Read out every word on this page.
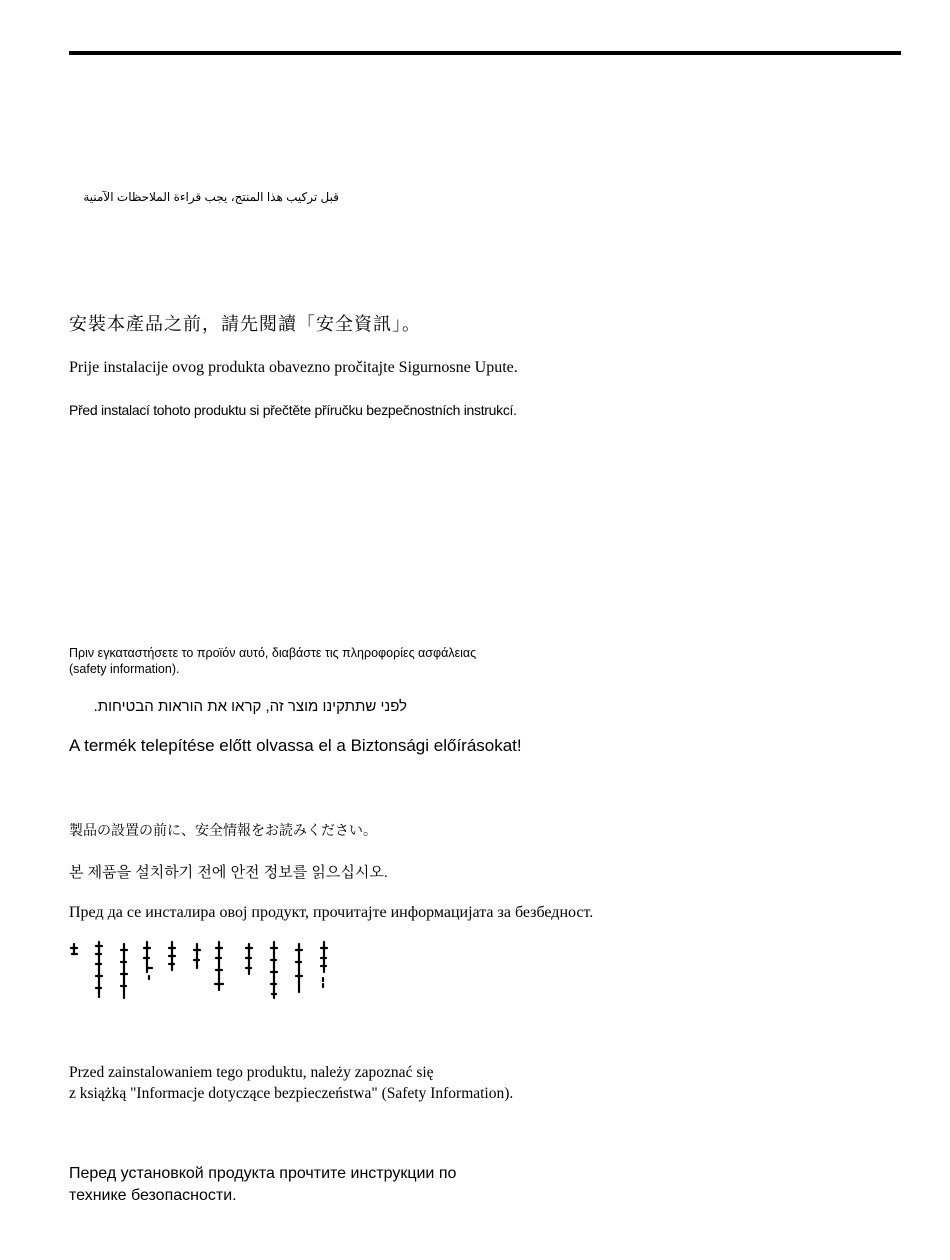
قبل تركيب هذا المنتج، يجب قراءة الملاحظات الآمنية
安裝本產品之前，請先閱讀「安全資訊」。
Prije instalacije ovog produkta obavezno pročitajte Sigurnosne Upute.
Před instalací tohoto produktu si přečtěte příručku bezpečnostních instrukcí.
Πριν εγκαταστήσετε το προϊόν αυτό, διαβάστε τις πληροφορίες ασφάλειας
(safety information).
לפני שתתקינו מוצר זה, קראו את הוראות הבטיחות.
A termék telepítése előtt olvassa el a Biztonsági előírásokat!
製品の設置の前に、安全情報をお読みください。
본 제품을 설치하기 전에 안전 정보를 읽으십시오.
Пред да се инсталира овој продукт, прочитајте информацијата за безбедност.
Przed zainstalowaniem tego produktu, należy zapoznać się
z książką "Informacje dotyczące bezpieczeństwa" (Safety Information).
Перед установкой продукта прочтите инструкции по
технике безопасности.
